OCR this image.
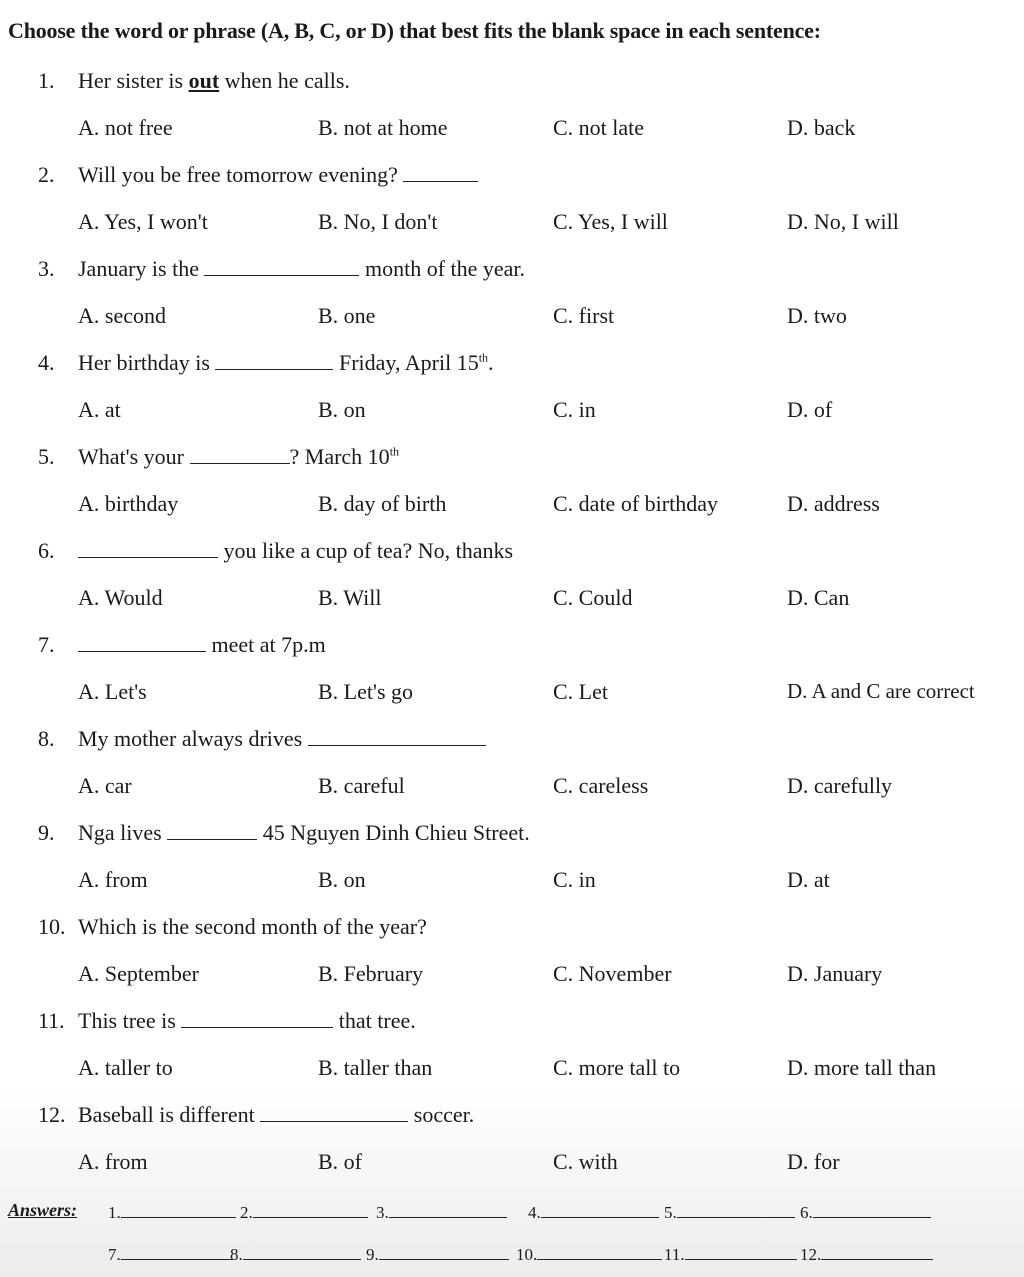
Choose the word or phrase (A, B, C, or D) that best fits the blank space in each sentence:
1. Her sister is out when he calls.
A. not free	B. not at home	C. not late	D. back
2. Will you be free tomorrow evening?
A. Yes, I won't	B. No, I don't	C. Yes, I will	D. No, I will
3. January is the	month of the year.
A. second	B. one	C. first	D. two
4. Her birthday is	Friday, April 15th.
A. at	B. on	C. in	D. of
5. What's your	? March 10th
A. birthday	B. day of birth	C. date of birthday	D. address
6.	you like a cup of tea? No, thanks
A. Would	B. Will	C. Could	D. Can
7.	meet at 7p.m
A. Let's	B. Let's go	C. Let	D. A and C are correct
8. My mother always drives
A. car	B. careful	C. careless	D. carefully
9. Nga lives	45 Nguyen Dinh Chieu Street.
A. from	B. on	C. in	D. at
10. Which is the second month of the year?
A. September	B. February	C. November	D. January
11. This tree is	that tree.
A. taller to	B. taller than	C. more tall to	D. more tall than
12. Baseball is different	soccer.
A. from	B. of	C. with	D. for
Answers: 1.	2.	3.	4.	5.	6.
7.	8.	9.	10.	11.	12.
